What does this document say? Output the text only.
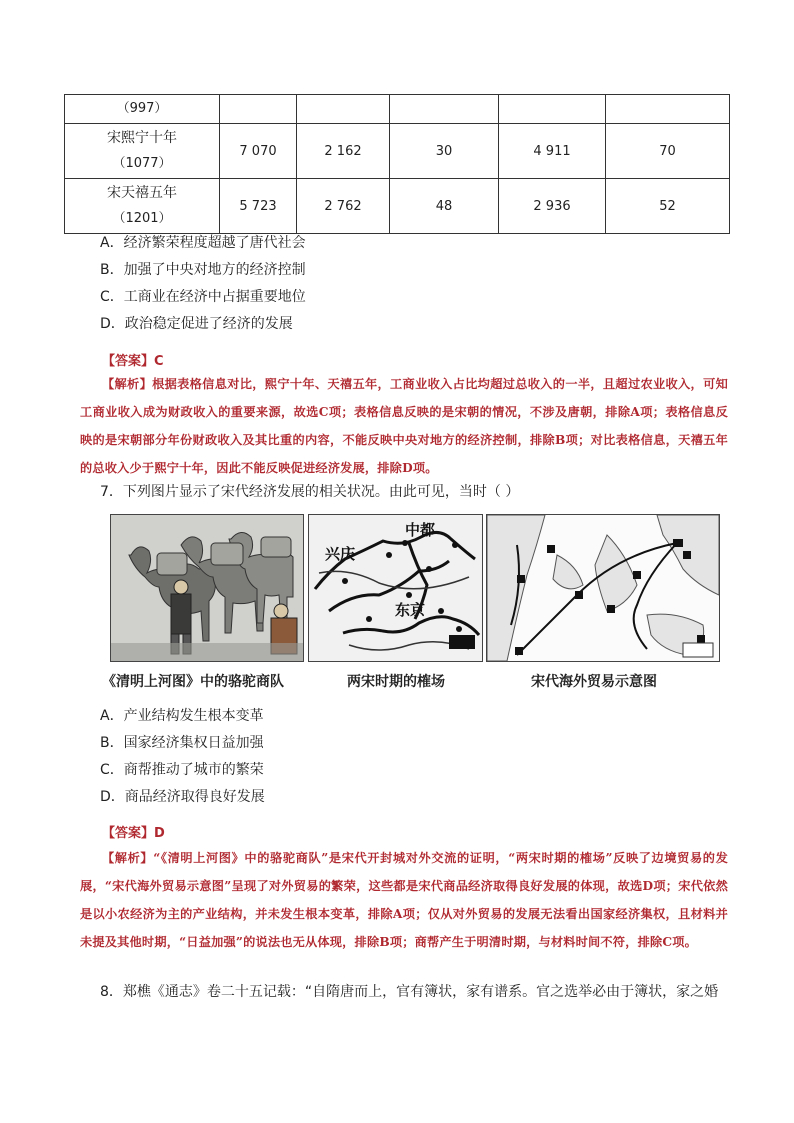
（997）					

宋熙宁十年
（1077）	7 070	2 162	30	4 911	70

宋天禧五年
（1201）	5 723	2 762	48	2 936	52
A．经济繁荣程度超越了唐代社会
B．加强了中央对地方的经济控制
C．工商业在经济中占据重要地位
D．政治稳定促进了经济的发展
【答案】C
【解析】根据表格信息对比，熙宁十年、天禧五年，工商业收入占比均超过总收入的一半，且超过农业收入，可知工商业收入成为财政收入的重要来源，故选C项；表格信息反映的是宋朝的情况，不涉及唐朝，排除A项；表格信息反映的是宋朝部分年份财政收入及其比重的内容，不能反映中央对地方的经济控制，排除B项；对比表格信息，天禧五年的总收入少于熙宁十年，因此不能反映促进经济发展，排除D项。
7．下列图片显示了宋代经济发展的相关状况。由此可见，当时（ ）
中都
兴庆
东京
《清明上河图》中的骆驼商队	两宋时期的榷场	宋代海外贸易示意图
A．产业结构发生根本变革
B．国家经济集权日益加强
C．商帮推动了城市的繁荣
D．商品经济取得良好发展
【答案】D
【解析】“《清明上河图》中的骆驼商队”是宋代开封城对外交流的证明，“两宋时期的榷场”反映了边境贸易的发展，“宋代海外贸易示意图”呈现了对外贸易的繁荣，这些都是宋代商品经济取得良好发展的体现，故选D项；宋代依然是以小农经济为主的产业结构，并未发生根本变革，排除A项；仅从对外贸易的发展无法看出国家经济集权，且材料并未提及其他时期，“日益加强”的说法也无从体现，排除B项；商帮产生于明清时期，与材料时间不符，排除C项。
8．郑樵《通志》卷二十五记载：“自隋唐而上，官有簿状，家有谱系。官之选举必由于簿状，家之婚
